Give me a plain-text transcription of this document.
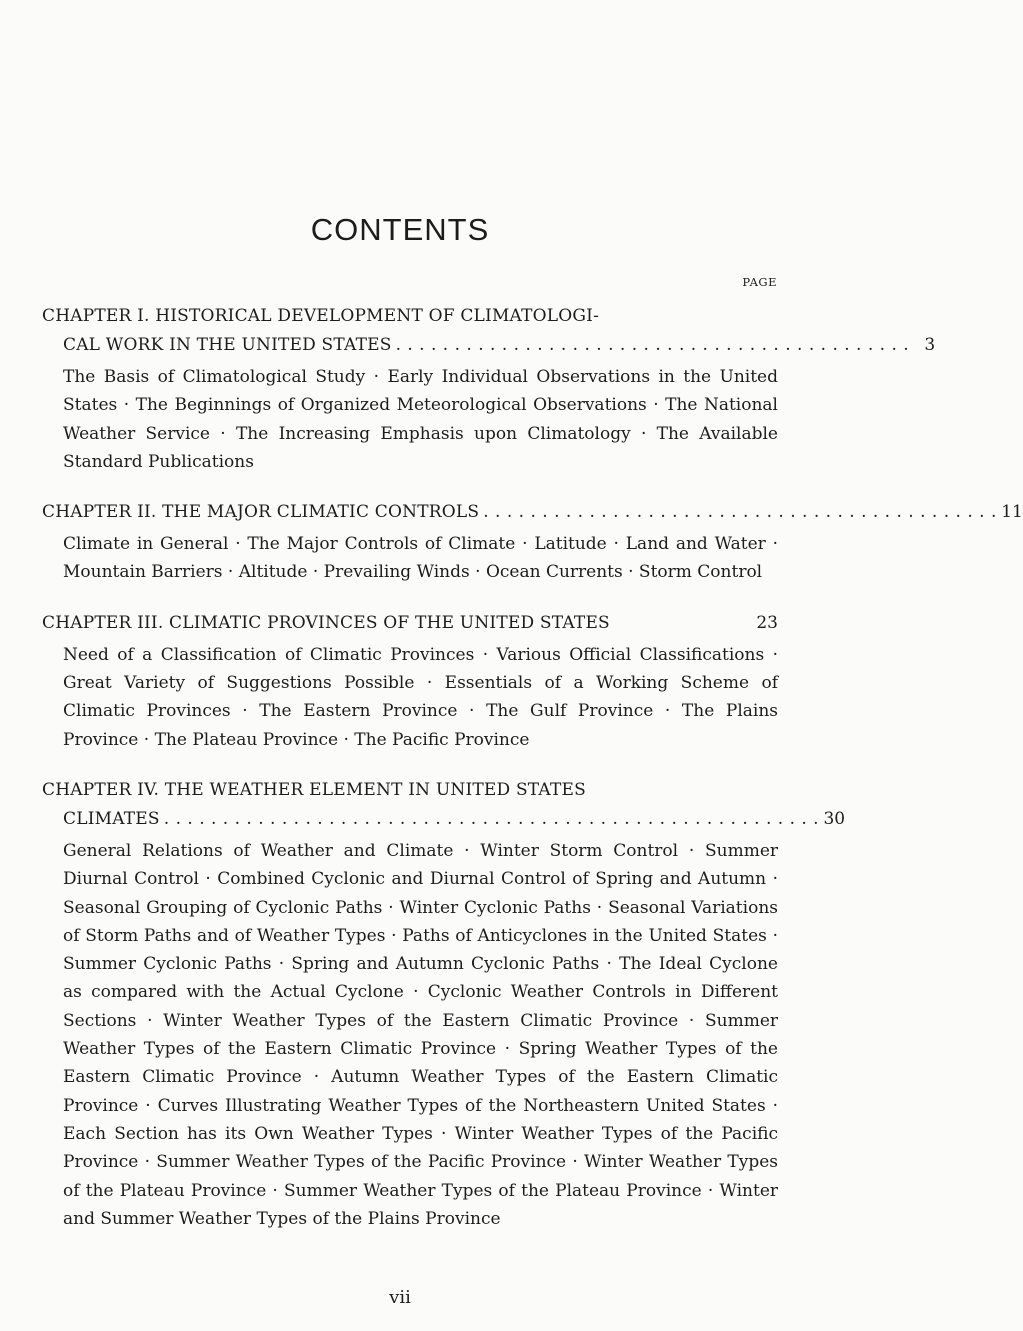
CONTENTS
PAGE
CHAPTER I. HISTORICAL DEVELOPMENT OF CLIMATOLOGI-
CAL WORK IN THE UNITED STATES . . . . . . . . . . . . . . . . . . . . . . . . . . . . . . . . . . . . . . . . . . . . 3
The Basis of Climatological Study · Early Individual Observations in the United States · The Beginnings of Organized Meteorological Observations · The National Weather Service · The Increasing Emphasis upon Climatology · The Available Standard Publications
CHAPTER II. THE MAJOR CLIMATIC CONTROLS . . . . . . . . . . . . . . . . . . . . . . . . . . . . . . . . . . . . . . . . . . . . 11
Climate in General · The Major Controls of Climate · Latitude · Land and Water · Mountain Barriers · Altitude · Prevailing Winds · Ocean Currents · Storm Control
CHAPTER III. CLIMATIC PROVINCES OF THE UNITED STATES	23
Need of a Classification of Climatic Provinces · Various Official Classifications · Great Variety of Suggestions Possible · Essentials of a Working Scheme of Climatic Provinces · The Eastern Province · The Gulf Province · The Plains Province · The Plateau Province · The Pacific Province
CHAPTER IV. THE WEATHER ELEMENT IN UNITED STATES
CLIMATES . . . . . . . . . . . . . . . . . . . . . . . . . . . . . . . . . . . . . . . . . . . . . . . . . . . . . . . . 30
General Relations of Weather and Climate · Winter Storm Control · Summer Diurnal Control · Combined Cyclonic and Diurnal Control of Spring and Autumn · Seasonal Grouping of Cyclonic Paths · Winter Cyclonic Paths · Seasonal Variations of Storm Paths and of Weather Types · Paths of Anticyclones in the United States · Summer Cyclonic Paths · Spring and Autumn Cyclonic Paths · The Ideal Cyclone as compared with the Actual Cyclone · Cyclonic Weather Controls in Different Sections · Winter Weather Types of the Eastern Climatic Province · Summer Weather Types of the Eastern Climatic Province · Spring Weather Types of the Eastern Climatic Province · Autumn Weather Types of the Eastern Climatic Province · Curves Illustrating Weather Types of the Northeastern United States · Each Section has its Own Weather Types · Winter Weather Types of the Pacific Province · Summer Weather Types of the Pacific Province · Winter Weather Types of the Plateau Province · Summer Weather Types of the Plateau Province · Winter and Summer Weather Types of the Plains Province
vii
